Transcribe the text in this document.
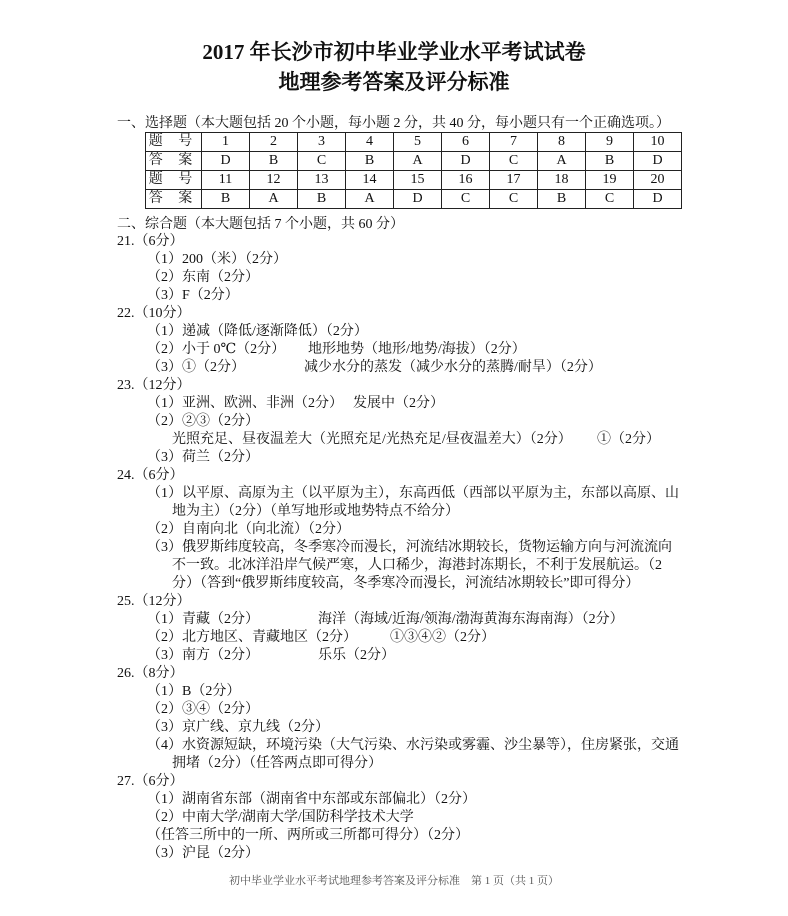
2017 年长沙市初中毕业学业水平考试试卷
地理参考答案及评分标准
一、选择题（本大题包括 20 个小题，每小题 2 分，共 40 分，每小题只有一个正确选项。）
题 号	1	2	3	4	5	6	7	8	9	10
答 案	D	B	C	B	A	D	C	A	B	D
题 号	11	12	13	14	15	16	17	18	19	20
答 案	B	A	B	A	D	C	C	B	C	D
二、综合题（本大题包括 7 个小题，共 60 分）
21.（6分）
（1）200（米）（2分）
（2）东南（2分）
（3）F（2分）
22.（10分）
（1）递减（降低/逐渐降低）（2分）
（2）小于 0℃（2分） 地形地势（地形/地势/海拔）（2分）
（3）①（2分）	减少水分的蒸发（减少水分的蒸腾/耐旱）（2分）
23.（12分）
（1）亚洲、欧洲、非洲（2分） 发展中（2分）
（2）②③（2分）
光照充足、昼夜温差大（光照充足/光热充足/昼夜温差大）（2分） ①（2分）
（3）荷兰（2分）
24.（6分）
（1）以平原、高原为主（以平原为主），东高西低（西部以平原为主，东部以高原、山
地为主）（2分）（单写地形或地势特点不给分）
（2）自南向北（向北流）（2分）
（3）俄罗斯纬度较高，冬季寒冷而漫长，河流结冰期较长，货物运输方向与河流流向
不一致。北冰洋沿岸气候严寒，人口稀少，海港封冻期长，不利于发展航运。（2
分）（答到“俄罗斯纬度较高，冬季寒冷而漫长，河流结冰期较长”即可得分）
25.（12分）
（1）青藏（2分）	海洋（海域/近海/领海/渤海黄海东海南海）（2分）
（2）北方地区、青藏地区（2分） ①③④②（2分）
（3）南方（2分）	乐乐（2分）
26.（8分）
（1）B（2分）
（2）③④（2分）
（3）京广线、京九线（2分）
（4）水资源短缺，环境污染（大气污染、水污染或雾霾、沙尘暴等），住房紧张，交通
拥堵（2分）（任答两点即可得分）
27.（6分）
（1）湖南省东部（湖南省中东部或东部偏北）（2分）
（2）中南大学/湖南大学/国防科学技术大学
（任答三所中的一所、两所或三所都可得分）（2分）
（3）沪昆（2分）
初中毕业学业水平考试地理参考答案及评分标准　第 1 页（共 1 页）
